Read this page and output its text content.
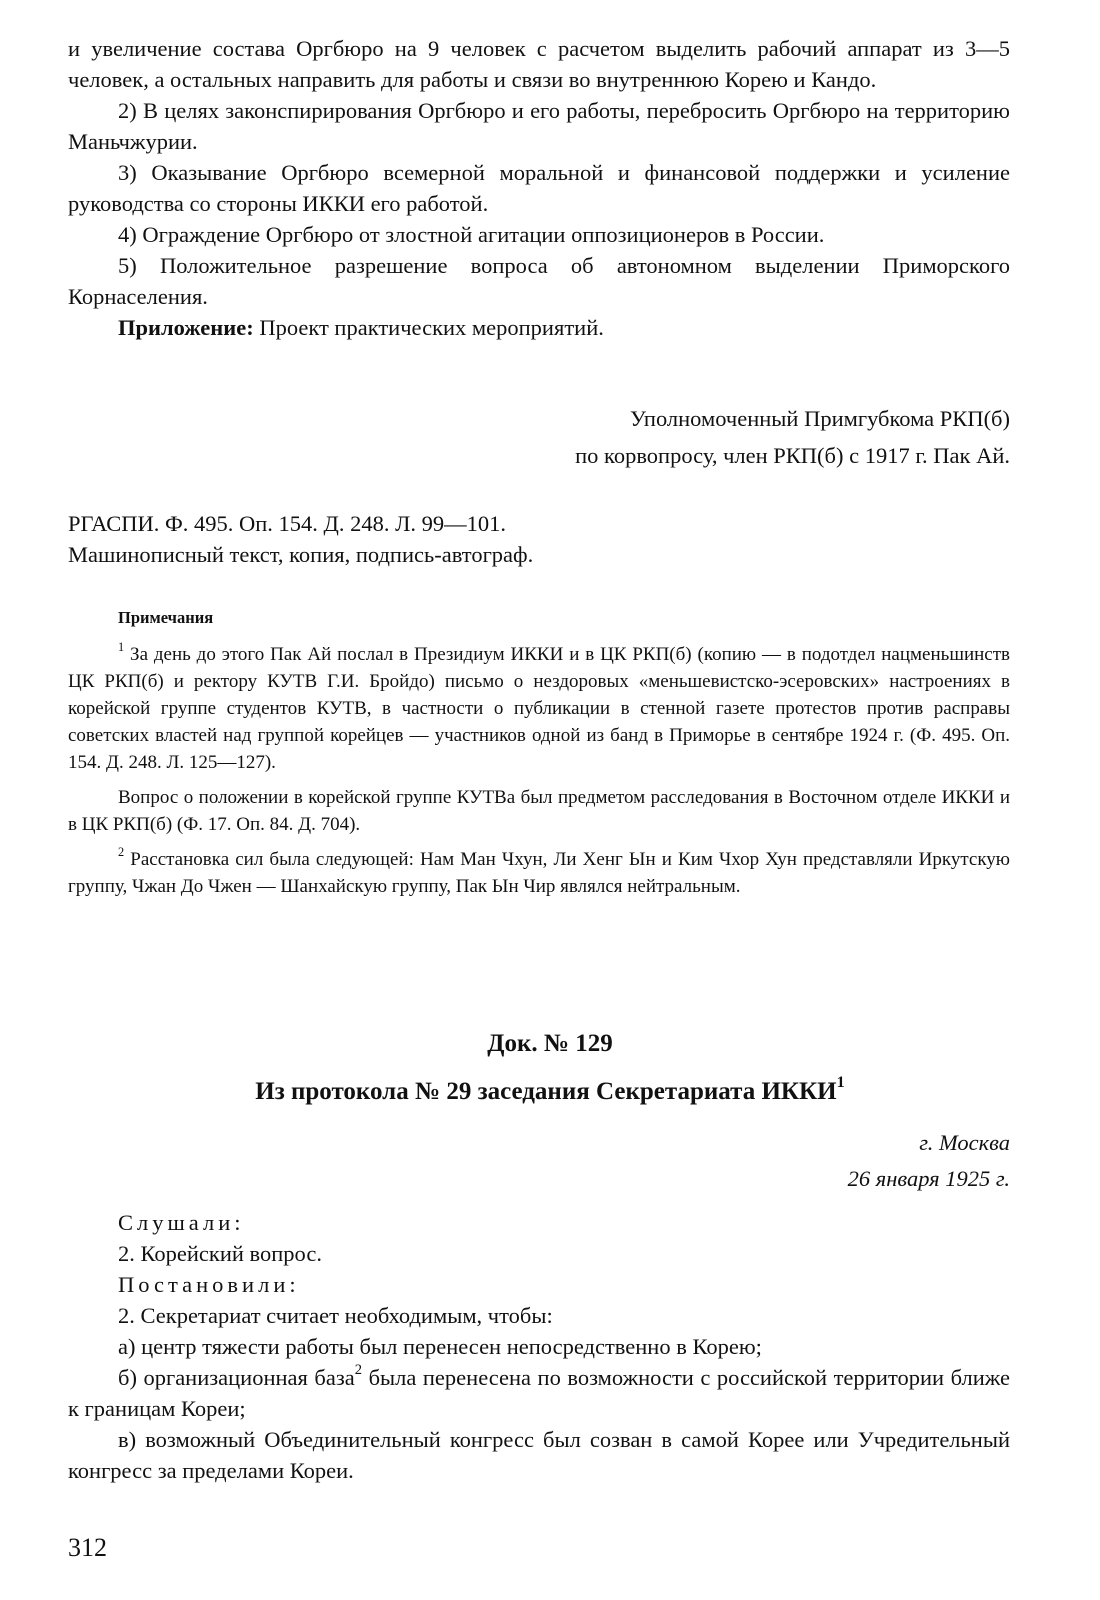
и увеличение состава Оргбюро на 9 человек с расчетом выделить рабочий аппарат из 3—5 человек, а остальных направить для работы и связи во внутреннюю Корею и Кандо.

2) В целях законспирирования Оргбюро и его работы, перебросить Оргбюро на территорию Маньчжурии.

3) Оказывание Оргбюро всемерной моральной и финансовой поддержки и усиление руководства со стороны ИККИ его работой.

4) Ограждение Оргбюро от злостной агитации оппозиционеров в России.

5) Положительное разрешение вопроса об автономном выделении Приморского Корнаселения.

Приложение: Проект практических мероприятий.

Уполномоченный Примгубкома РКП(б)
по корвопросу, член РКП(б) с 1917 г. Пак Ай.
РГАСПИ. Ф. 495. Оп. 154. Д. 248. Л. 99—101.
Машинописный текст, копия, подпись-автограф.
Примечания

$^1$ За день до этого Пак Ай послал в Президиум ИККИ и в ЦК РКП(б) (копию — в подотдел нацменьшинств ЦК РКП(б) и ректору КУТВ Г.И. Бройдо) письмо о нездоровых «меньшевистско-эсеровских» настроениях в корейской группе студентов КУТВ, в частности о публикации в стенной газете протестов против расправы советских властей над группой корейцев — участников одной из банд в Приморье в сентябре 1924 г. (Ф. 495. Оп. 154. Д. 248. Л. 125—127).

Вопрос о положении в корейской группе КУТВа был предметом расследования в Восточном отделе ИККИ и в ЦК РКП(б) (Ф. 17. Оп. 84. Д. 704).

$^2$ Расстановка сил была следующей: Нам Ман Чхун, Ли Хенг Ын и Ким Чхор Хун представляли Иркутскую группу, Чжан До Чжен — Шанхайскую группу, Пак Ын Чир являлся нейтральным.

Док. № 129
Из протокола № 29 заседания Секретариата ИККИ$^1$
г. Москва
26 января 1925 г.

Слушали:

2. Корейский вопрос.

Постановили:

2. Секретариат считает необходимым, чтобы:

а) центр тяжести работы был перенесен непосредственно в Корею;

б) организационная база$^2$ была перенесена по возможности с российской территории ближе к границам Кореи;

в) возможный Объединительный конгресс был созван в самой Корее или Учредительный конгресс за пределами Кореи.

312
